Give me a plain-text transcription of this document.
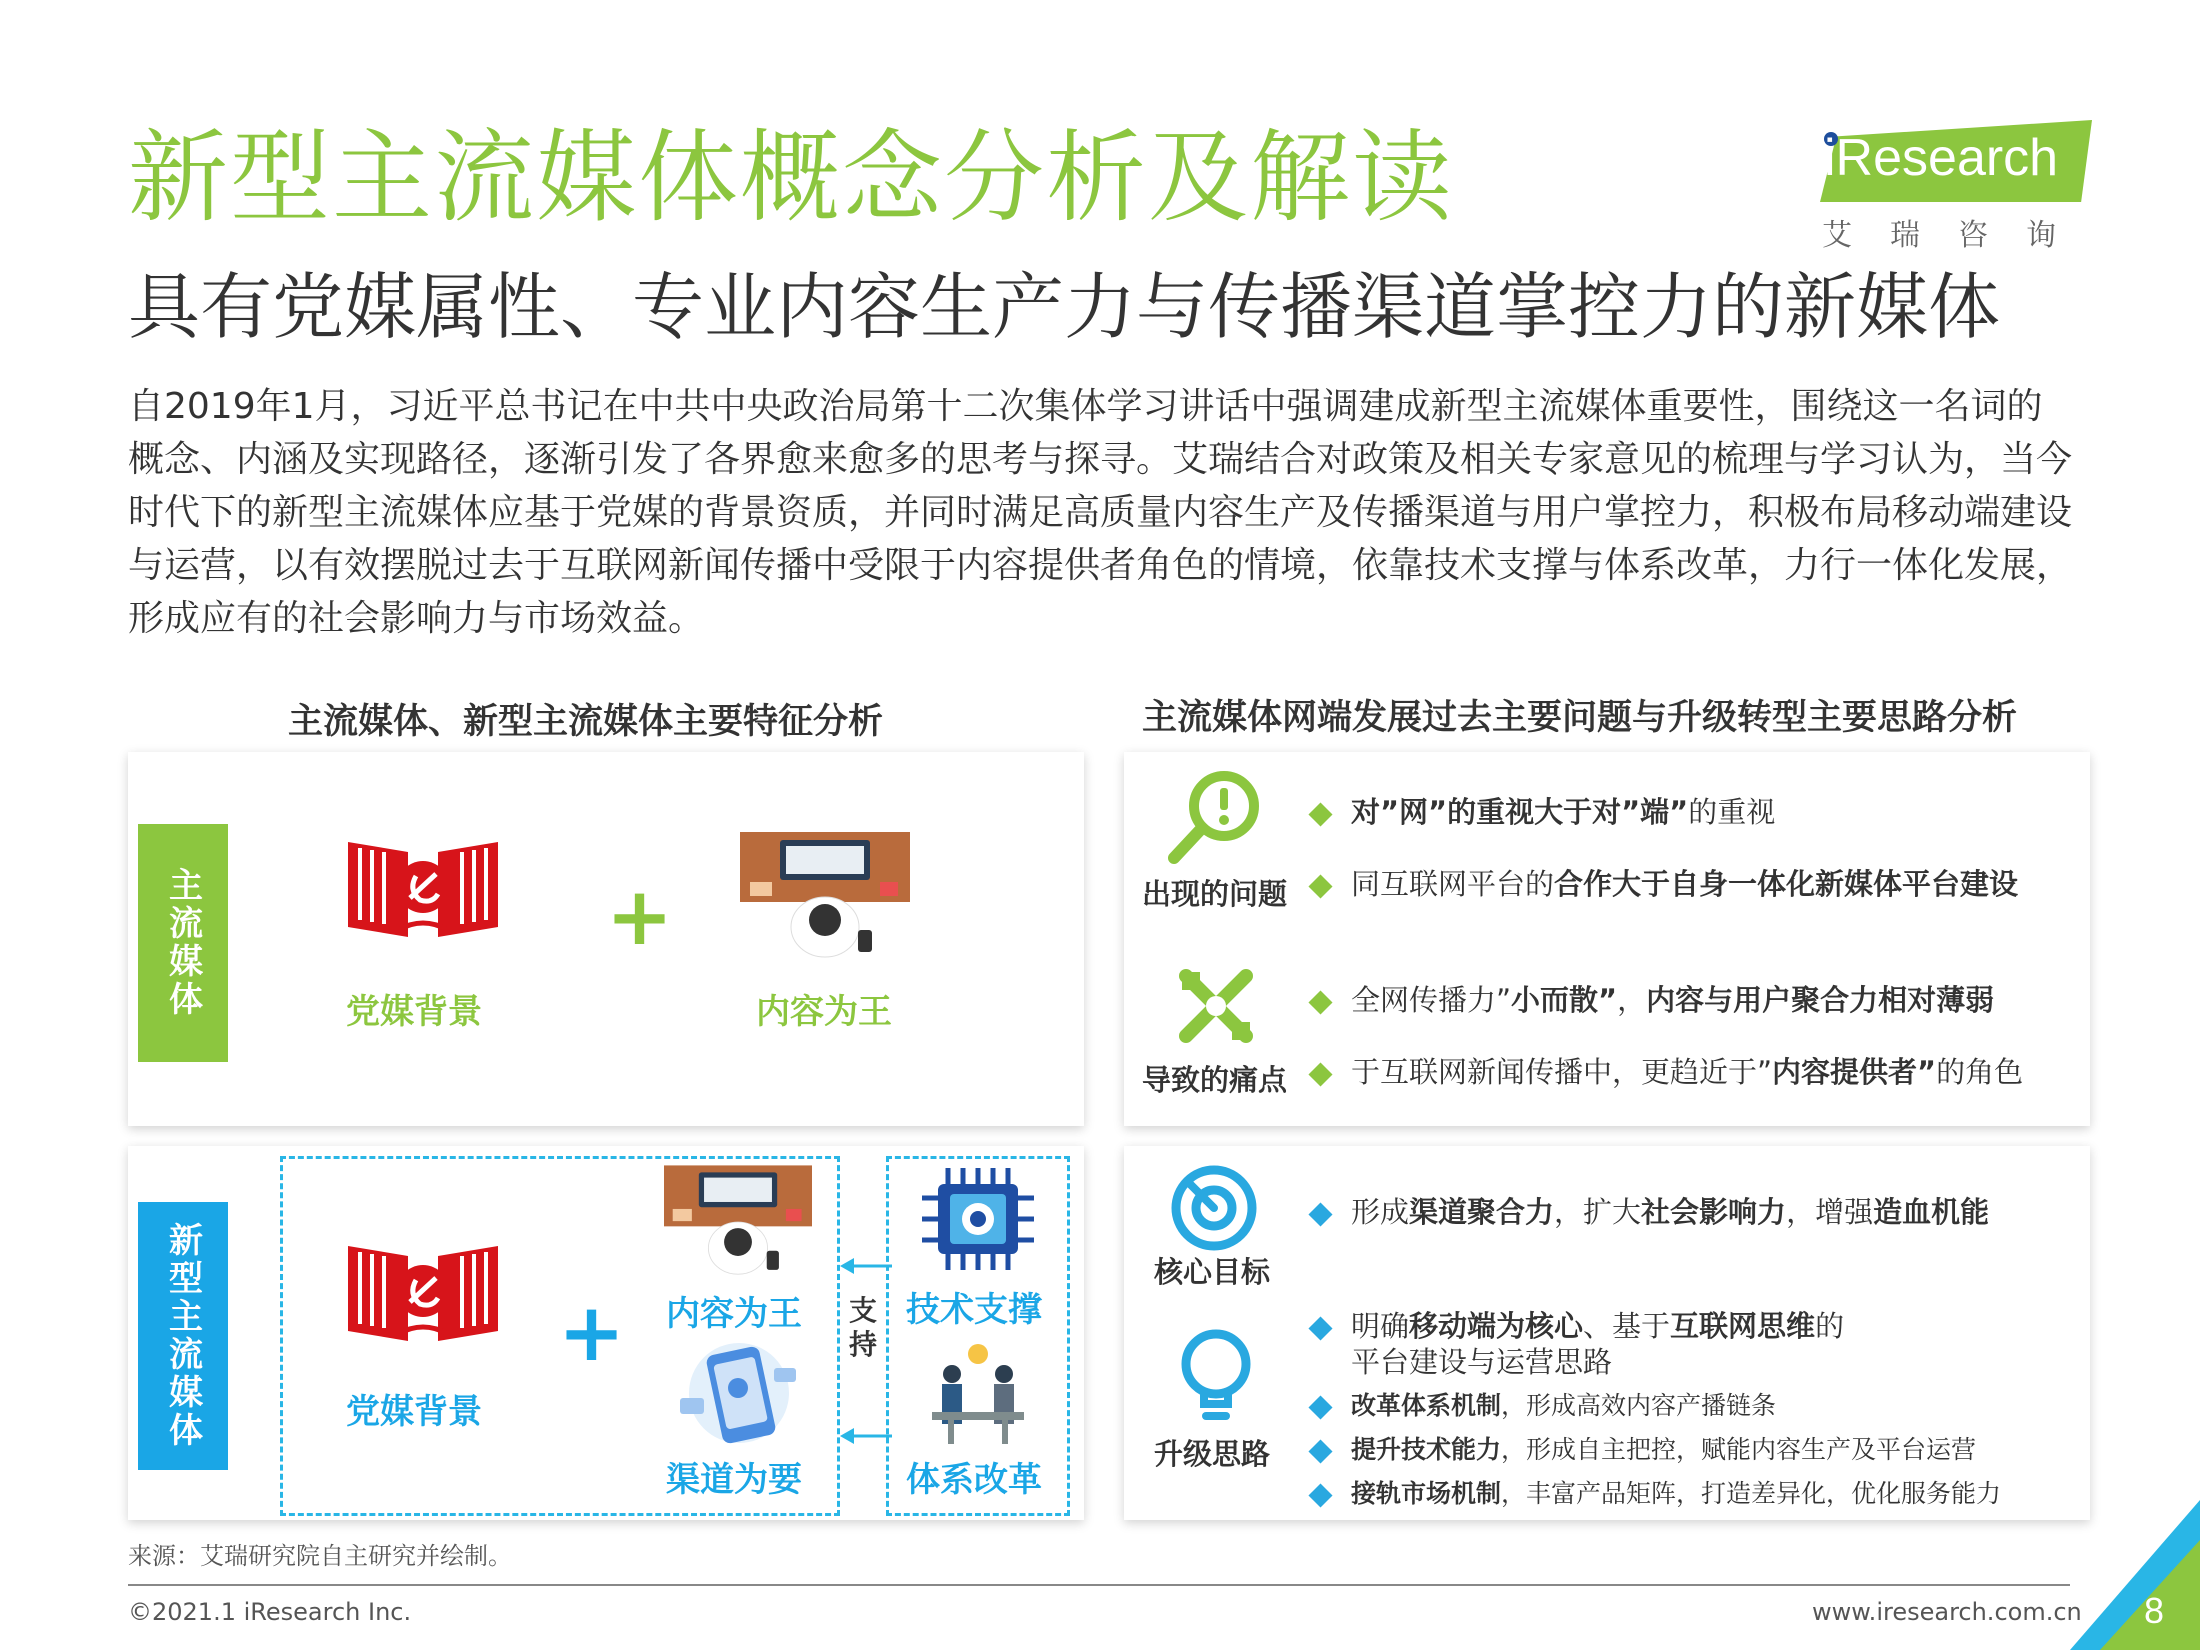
新型主流媒体概念分析及解读
具有党媒属性、专业内容生产力与传播渠道掌控力的新媒体
iResearch
艾瑞咨询
自2019年1月，习近平总书记在中共中央政治局第十二次集体学习讲话中强调建成新型主流媒体重要性，围绕这一名词的概念、内涵及实现路径，逐渐引发了各界愈来愈多的思考与探寻。艾瑞结合对政策及相关专家意见的梳理与学习认为，当今时代下的新型主流媒体应基于党媒的背景资质，并同时满足高质量内容生产及传播渠道与用户掌控力，积极布局移动端建设与运营，以有效摆脱过去于互联网新闻传播中受限于内容提供者角色的情境，依靠技术支撑与体系改革，力行一体化发展，形成应有的社会影响力与市场效益。
主流媒体、新型主流媒体主要特征分析
主流媒体	党媒背景
+
内容为王
新型主流媒体	党媒背景
+ 内容为王
渠道为要
支持
技术支撑
体系改革
主流媒体网端发展过去主要问题与升级转型主要思路分析
出现的问题
对”网”的重视大于对”端”的重视
同互联网平台的合作大于自身一体化新媒体平台建设
导致的痛点
全网传播力”小而散”，内容与用户聚合力相对薄弱
于互联网新闻传播中，更趋近于”内容提供者”的角色
核心目标
形成渠道聚合力，扩大社会影响力，增强造血机能
升级思路
明确移动端为核心、基于互联网思维的
平台建设与运营思路
改革体系机制，形成高效内容产播链条
提升技术能力，形成自主把控，赋能内容生产及平台运营
接轨市场机制，丰富产品矩阵，打造差异化，优化服务能力
来源：艾瑞研究院自主研究并绘制。
©2021.1 iResearch Inc.	www.iresearch.com.cn 8
